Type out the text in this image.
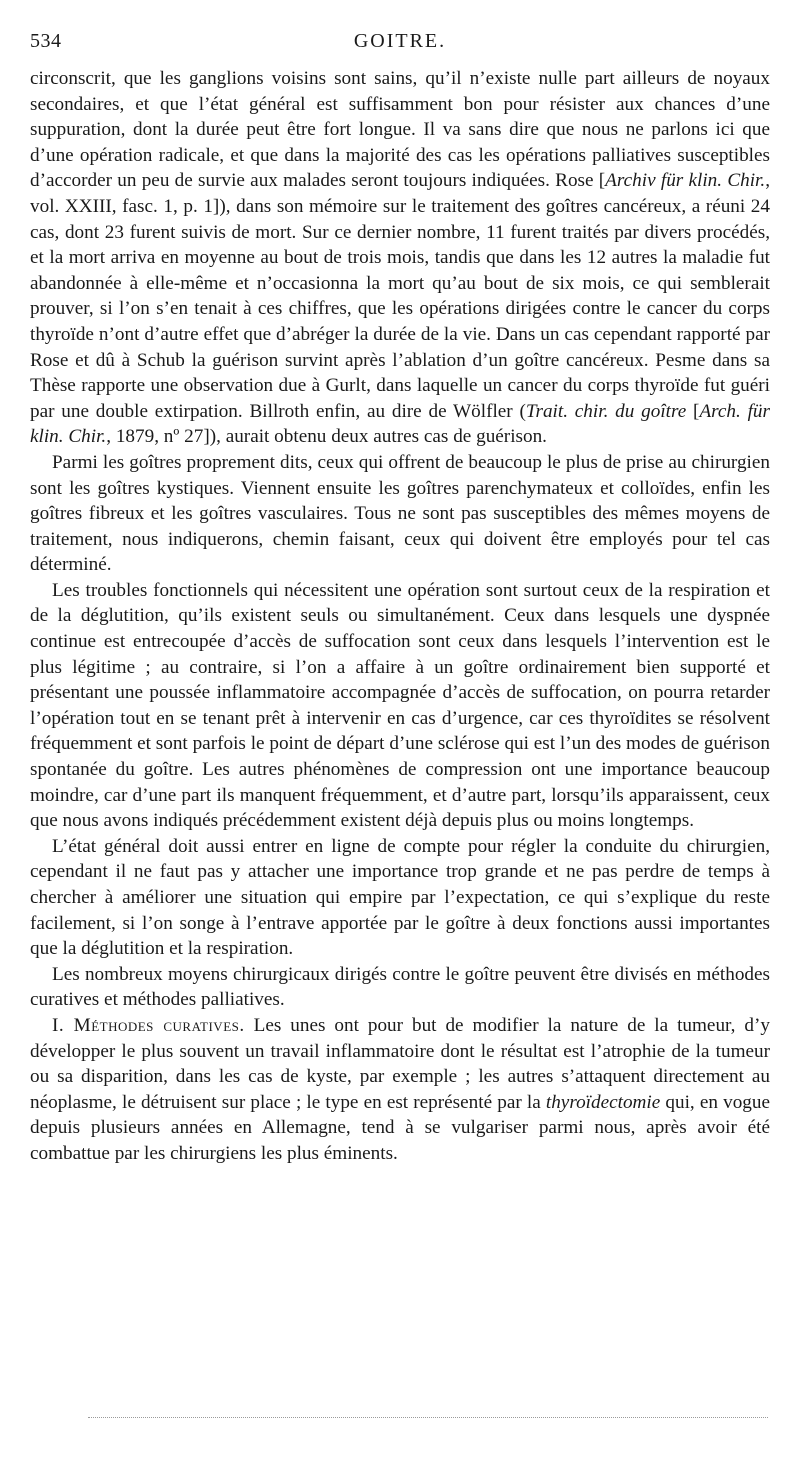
534	GOITRE.

circonscrit, que les ganglions voisins sont sains, qu’il n’existe nulle part ailleurs de noyaux secondaires, et que l’état général est suffisamment bon pour résister aux chances d’une suppuration, dont la durée peut être fort longue. Il va sans dire que nous ne parlons ici que d’une opération radicale, et que dans la majorité des cas les opérations palliatives susceptibles d’accorder un peu de survie aux malades seront toujours indiquées. Rose [Archiv für klin. Chir., vol. XXIII, fasc. 1, p. 1]), dans son mémoire sur le traitement des goîtres cancéreux, a réuni 24 cas, dont 23 furent suivis de mort. Sur ce dernier nombre, 11 furent traités par divers procédés, et la mort arriva en moyenne au bout de trois mois, tandis que dans les 12 autres la maladie fut abandonnée à elle-même et n’occasionna la mort qu’au bout de six mois, ce qui semblerait prouver, si l’on s’en tenait à ces chiffres, que les opérations dirigées contre le cancer du corps thyroïde n’ont d’autre effet que d’abréger la durée de la vie. Dans un cas cependant rapporté par Rose et dû à Schub la guérison survint après l’ablation d’un goître cancéreux. Pesme dans sa Thèse rapporte une observation due à Gurlt, dans laquelle un cancer du corps thyroïde fut guéri par une double extirpation. Billroth enfin, au dire de Wölfler (Trait. chir. du goître [Arch. für klin. Chir., 1879, nº 27]), aurait obtenu deux autres cas de guérison.

Parmi les goîtres proprement dits, ceux qui offrent de beaucoup le plus de prise au chirurgien sont les goîtres kystiques. Viennent ensuite les goîtres parenchymateux et colloïdes, enfin les goîtres fibreux et les goîtres vasculaires. Tous ne sont pas susceptibles des mêmes moyens de traitement, nous indiquerons, chemin faisant, ceux qui doivent être employés pour tel cas déterminé.

Les troubles fonctionnels qui nécessitent une opération sont surtout ceux de la respiration et de la déglutition, qu’ils existent seuls ou simultanément. Ceux dans lesquels une dyspnée continue est entrecoupée d’accès de suffocation sont ceux dans lesquels l’intervention est le plus légitime ; au contraire, si l’on a affaire à un goître ordinairement bien supporté et présentant une poussée inflammatoire accompagnée d’accès de suffocation, on pourra retarder l’opération tout en se tenant prêt à intervenir en cas d’urgence, car ces thyroïdites se résolvent fréquemment et sont parfois le point de départ d’une sclérose qui est l’un des modes de guérison spontanée du goître. Les autres phénomènes de compression ont une importance beaucoup moindre, car d’une part ils manquent fréquemment, et d’autre part, lorsqu’ils apparaissent, ceux que nous avons indiqués précédemment existent déjà depuis plus ou moins longtemps.

L’état général doit aussi entrer en ligne de compte pour régler la conduite du chirurgien, cependant il ne faut pas y attacher une importance trop grande et ne pas perdre de temps à chercher à améliorer une situation qui empire par l’expectation, ce qui s’explique du reste facilement, si l’on songe à l’entrave apportée par le goître à deux fonctions aussi importantes que la déglutition et la respiration.

Les nombreux moyens chirurgicaux dirigés contre le goître peuvent être divisés en méthodes curatives et méthodes palliatives.

I. Méthodes curatives. Les unes ont pour but de modifier la nature de la tumeur, d’y développer le plus souvent un travail inflammatoire dont le résultat est l’atrophie de la tumeur ou sa disparition, dans les cas de kyste, par exemple ; les autres s’attaquent directement au néoplasme, le détruisent sur place ; le type en est représenté par la thyroïdectomie qui, en vogue depuis plusieurs années en Allemagne, tend à se vulgariser parmi nous, après avoir été combattue par les chirurgiens les plus éminents.
